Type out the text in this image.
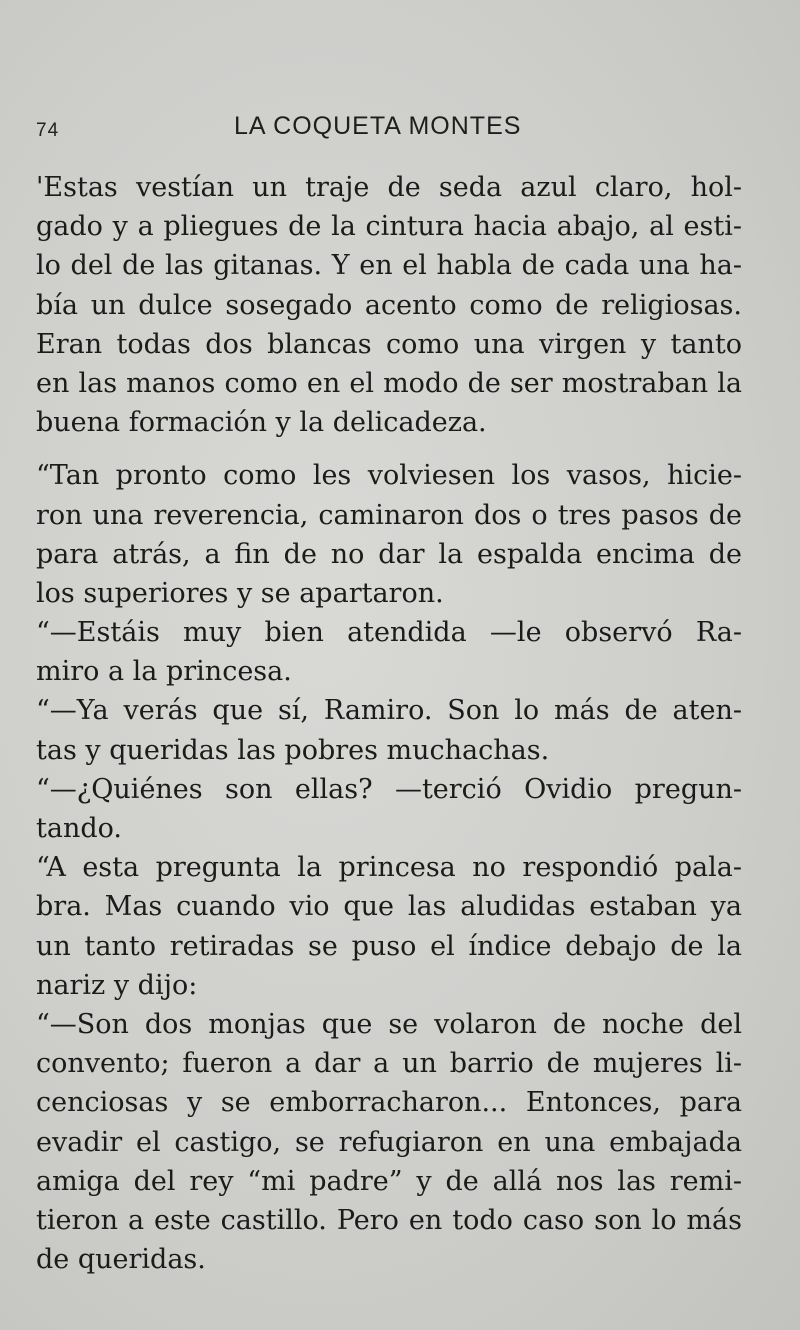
74	LA COQUETA MONTES
'Estas vestían un traje de seda azul claro, hol-
gado y a pliegues de la cintura hacia abajo, al esti-
lo del de las gitanas. Y en el habla de cada una ha-
bía un dulce sosegado acento como de religiosas.
Eran todas dos blancas como una virgen y tanto
en las manos como en el modo de ser mostraban la
buena formación y la delicadeza.
“Tan pronto como les volviesen los vasos, hicie-
ron una reverencia, caminaron dos o tres pasos de
para atrás, a fin de no dar la espalda encima de
los superiores y se apartaron.
“—Estáis muy bien atendida —le observó Ra-
miro a la princesa.
“—Ya verás que sí, Ramiro. Son lo más de aten-
tas y queridas las pobres muchachas.
“—¿Quiénes son ellas? —terció Ovidio pregun-
tando.
“A esta pregunta la princesa no respondió pala-
bra. Mas cuando vio que las aludidas estaban ya
un tanto retiradas se puso el índice debajo de la
nariz y dijo:
“—Son dos monjas que se volaron de noche del
convento; fueron a dar a un barrio de mujeres li-
cenciosas y se emborracharon... Entonces, para
evadir el castigo, se refugiaron en una embajada
amiga del rey “mi padre” y de allá nos las remi-
tieron a este castillo. Pero en todo caso son lo más
de queridas.
